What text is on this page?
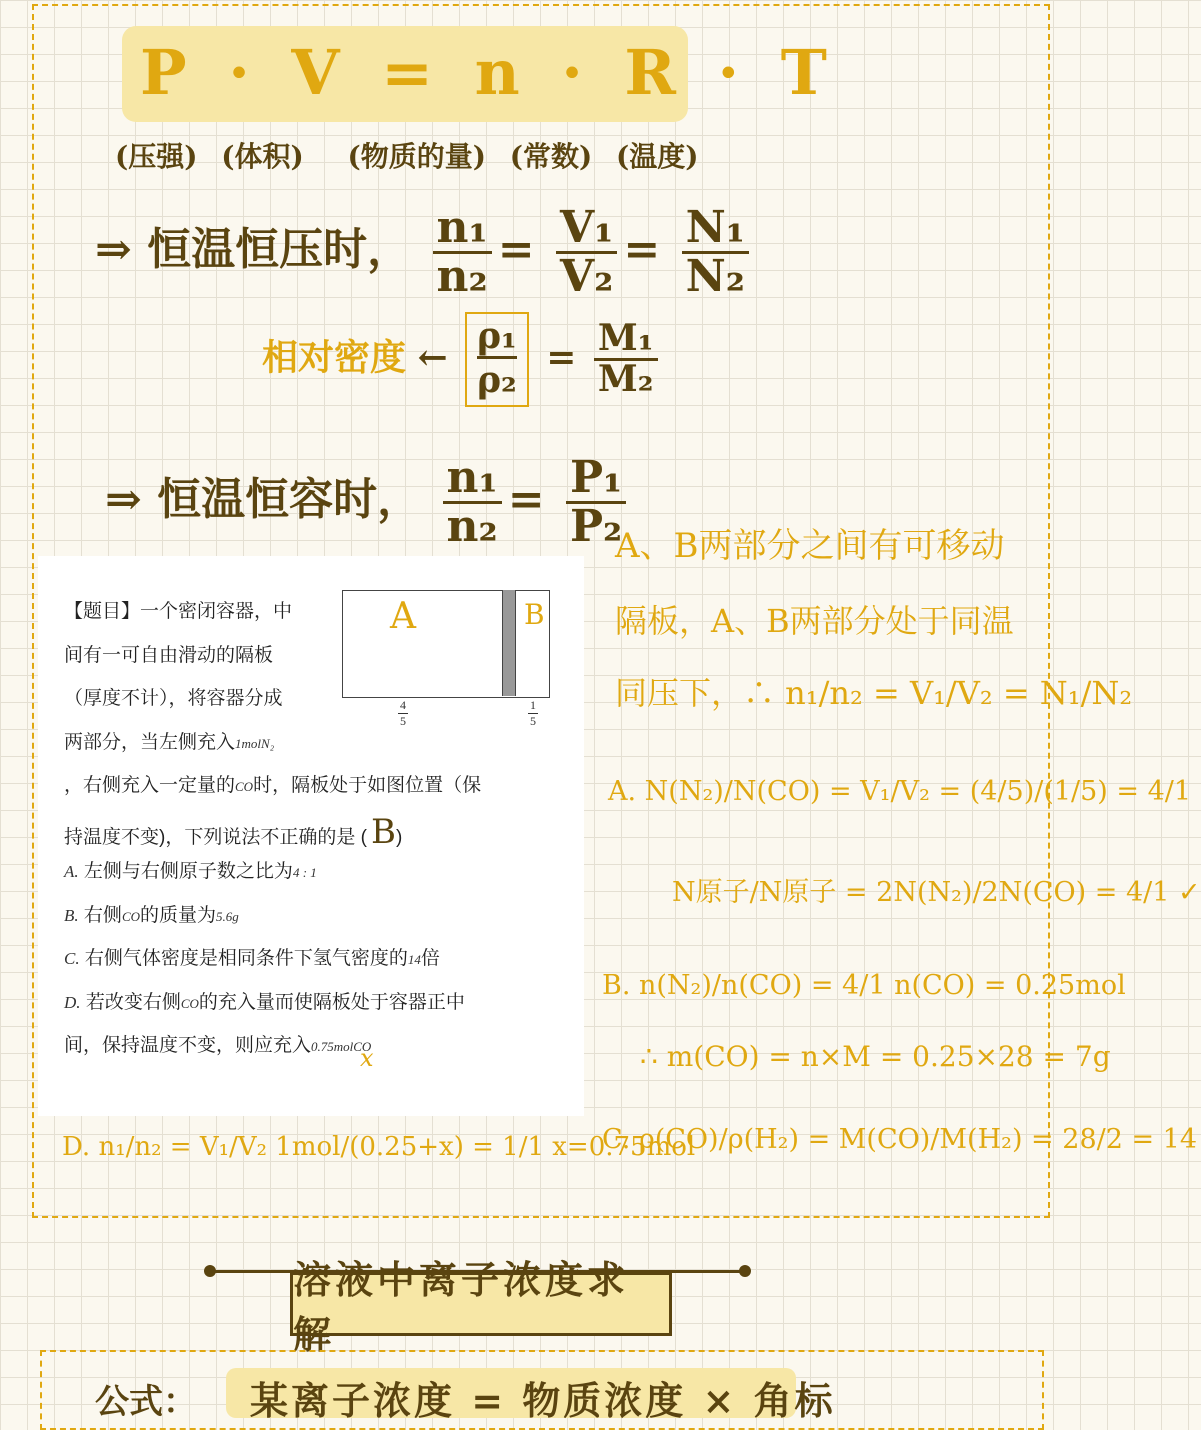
P · V = n · R · T
(压强) (体积) (物质的量) (常数) (温度)
⇒ 恒温恒压时， $\frac{\text{n₁}}{\text{n₂}} = \frac{\text{V₁}}{\text{V₂}} = \frac{\text{N₁}}{\text{N₂}}$
相对密度 ← $\frac{\text{ρ₁}}{\text{ρ₂}} = \frac{\text{M₁}}{\text{M₂}}$
⇒ 恒温恒容时， $\frac{\text{n₁}}{\text{n₂}} = \frac{\text{P₁}}{\text{P₂}}$
【题目】一个密闭容器，中
间有一可自由滑动的隔板
（厚度不计），将容器分成
两部分，当左侧充入1molN₂
，右侧充入一定量的CO时，隔板处于如图位置（保
持温度不变)，下列说法不正确的是 ( B)
A. 左侧与右侧原子数之比为4 : 1
B. 右侧CO的质量为5.6g
C. 右侧气体密度是相同条件下氢气密度的14倍
D. 若改变右侧CO的充入量而使隔板处于容器正中
间，保持温度不变，则应充入0.75molCO
x
A	B
$\frac{4}{5}$	$\frac{1}{5}$
A、B两部分之间有可移动
隔板，A、B两部分处于同温
同压下，∴ n₁/n₂ = V₁/V₂ = N₁/N₂
A. N(N₂)/N(CO) = V₁/V₂ = (4/5)/(1/5) = 4/1
N原子/N原子 = 2N(N₂)/2N(CO) = 4/1 ✓
B. n(N₂)/n(CO) = 4/1 n(CO) = 0.25mol
∴ m(CO) = n×M = 0.25×28 = 7g
C. ρ(CO)/ρ(H₂) = M(CO)/M(H₂) = 28/2 = 14
D. n₁/n₂ = V₁/V₂ 1mol/(0.25+x) = 1/1 x=0.75mol
溶液中离子浓度求解
公式： 某离子浓度 = 物质浓度 × 角标
